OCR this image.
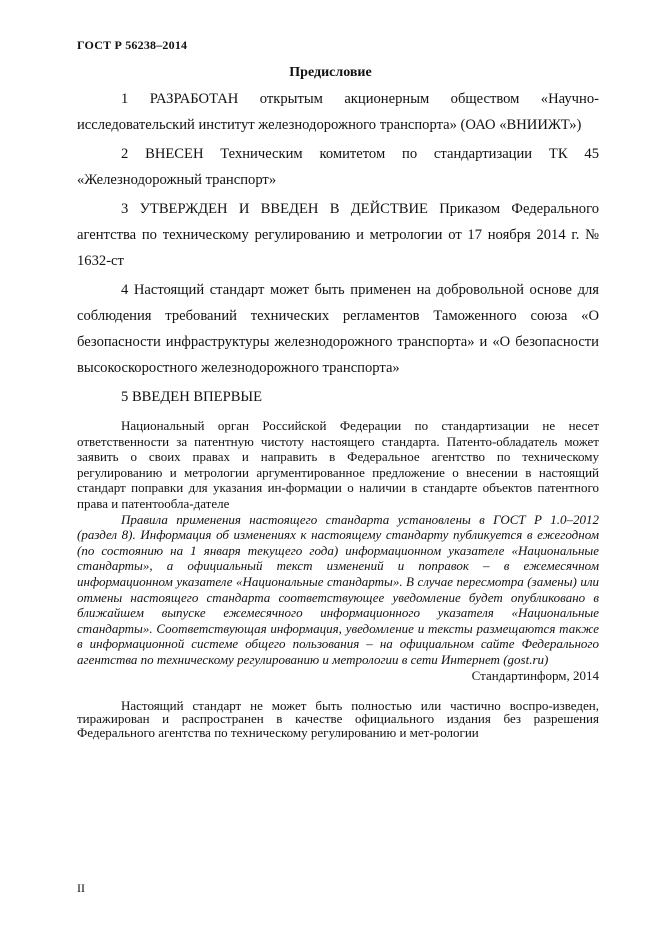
ГОСТ Р 56238–2014
Предисловие

1 РАЗРАБОТАН открытым акционерным обществом «Научно-исследовательский институт железнодорожного транспорта» (ОАО «ВНИИЖТ»)

2 ВНЕСЕН Техническим комитетом по стандартизации ТК 45 «Железнодорожный транспорт»

3 УТВЕРЖДЕН И ВВЕДЕН В ДЕЙСТВИЕ Приказом Федерального агентства по техническому регулированию и метрологии от 17 ноября 2014 г. № 1632-ст

4 Настоящий стандарт может быть применен на добровольной основе для соблюдения требований технических регламентов Таможенного союза «О безопасности инфраструктуры железнодорожного транспорта» и «О безопасности высокоскоростного железнодорожного транспорта»

5 ВВЕДЕН ВПЕРВЫЕ

Национальный орган Российской Федерации по стандартизации не несет ответственности за патентную чистоту настоящего стандарта. Патенто-обладатель может заявить о своих правах и направить в Федеральное агентство по техническому регулированию и метрологии аргументированное предложение о внесении в настоящий стандарт поправки для указания ин-формации о наличии в стандарте объектов патентного права и патентообла-дателе

Правила применения настоящего стандарта установлены в ГОСТ Р 1.0–2012 (раздел 8). Информация об изменениях к настоящему стандарту публикуется в ежегодном (по состоянию на 1 января текущего года) информационном указателе «Национальные стандарты», а официальный текст изменений и поправок – в ежемесячном информационном указателе «Национальные стандарты». В случае пересмотра (замены) или отмены настоящего стандарта соответствующее уведомление будет опубликовано в ближайшем выпуске ежемесячного информационного указателя «Национальные стандарты». Соответствующая информация, уведомление и тексты размещаются также в информационной системе общего пользования – на официальном сайте Федерального агентства по техническому регулированию и метрологии в сети Интернет (gost.ru)

Стандартинформ, 2014

Настоящий стандарт не может быть полностью или частично воспро-изведен, тиражирован и распространен в качестве официального издания без разрешения Федерального агентства по техническому регулированию и мет-рологии

II
